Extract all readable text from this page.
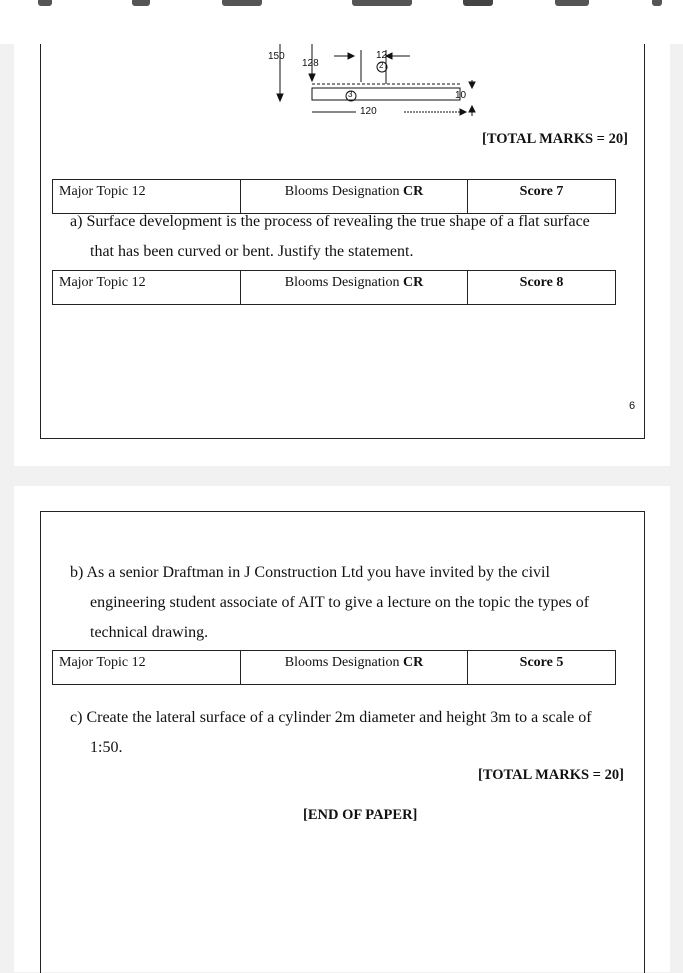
150
128
12
10
120
2
3
[TOTAL MARKS = 20]
Major Topic 12	Blooms Designation CR	Score 7
a) Surface development is the process of revealing the true shape of a flat surface
that has been curved or bent. Justify the statement.
Major Topic 12	Blooms Designation CR	Score 8
6
b) As a senior Draftman in J Construction Ltd you have invited by the civil
engineering student associate of AIT to give a lecture on the topic the types of
technical drawing.
Major Topic 12	Blooms Designation CR	Score 5
c) Create the lateral surface of a cylinder 2m diameter and height 3m to a scale of
1:50.
[TOTAL MARKS = 20]
[END OF PAPER]
